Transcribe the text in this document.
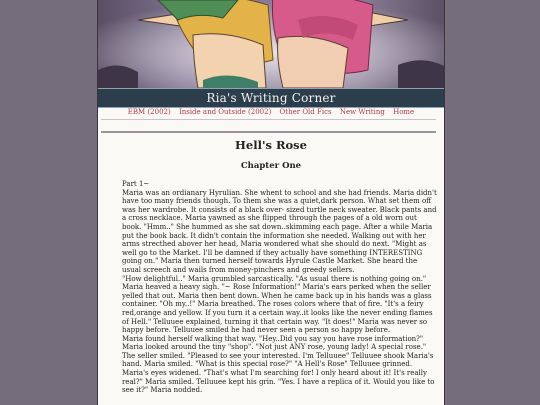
Ria's Writing Corner
EBM (2002) Inside and Outside (2002) Other Old Fics New Writing Home
Hell's Rose
Chapter One

Part 1~

Maria was an ordianary Hyrulian. She whent to school and she had friends. Maria didn't have too many friends though. To them she was a quiet,dark person. What set them off was her wardrobe. It consists of a black over- sized turtle neck sweater. Black pants and a cross necklace. Maria yawned as she flipped through the pages of a old worn out book. "Hmm.." She hummed as she sat down..skimming each page. After a while Maria put the book back. It didn't contain the information she needed. Walking out with her arms strecthed abover her head, Maria wondered what she should do next. "Might as well go to the Market. I'll be damned if they actually have something INTERESTING going on." Maria then turned herself towards Hyrule Castle Market. She heard the usual screech and wails from money-pinchers and greedy sellers.

"How delightful.." Maria grumbled sarcastically. "As usual there is nothing going on." Maria heaved a heavy sigh. "~ Rose Information!" Maria's ears perked when the seller yelled that out. Maria then bent down. When he came back up in his hands was a glass container. "Oh my..!" Maria breathed. The roses colors where that of fire. "It's a feiry red,orange and yellow. If you turn it a certain way..it looks like the never ending flames of Hell." Telluuee explained, turning it that certain way. "It does!" Maria was never so happy before. Telluuee smiled he had never seen a person so happy before.

Maria found herself walking that way. "Hey..Did you say you have rose information?" Maria looked around the tiny "shop". "Not just ANY rose, young lady! A special rose." The seller smiled. "Pleased to see your interested. I'm Telluuee" Telluuee shook Maria's hand. Maria smiled. "What is this special rose?" "A Hell's Rose" Telluuee grinned. Maria's eyes widened. "That's what I'm searching for! I only heard about it! It's really real?" Maria smiled. Telluuee kept his grin. "Yes. I have a replica of it. Would you like to see it?" Maria nodded.
